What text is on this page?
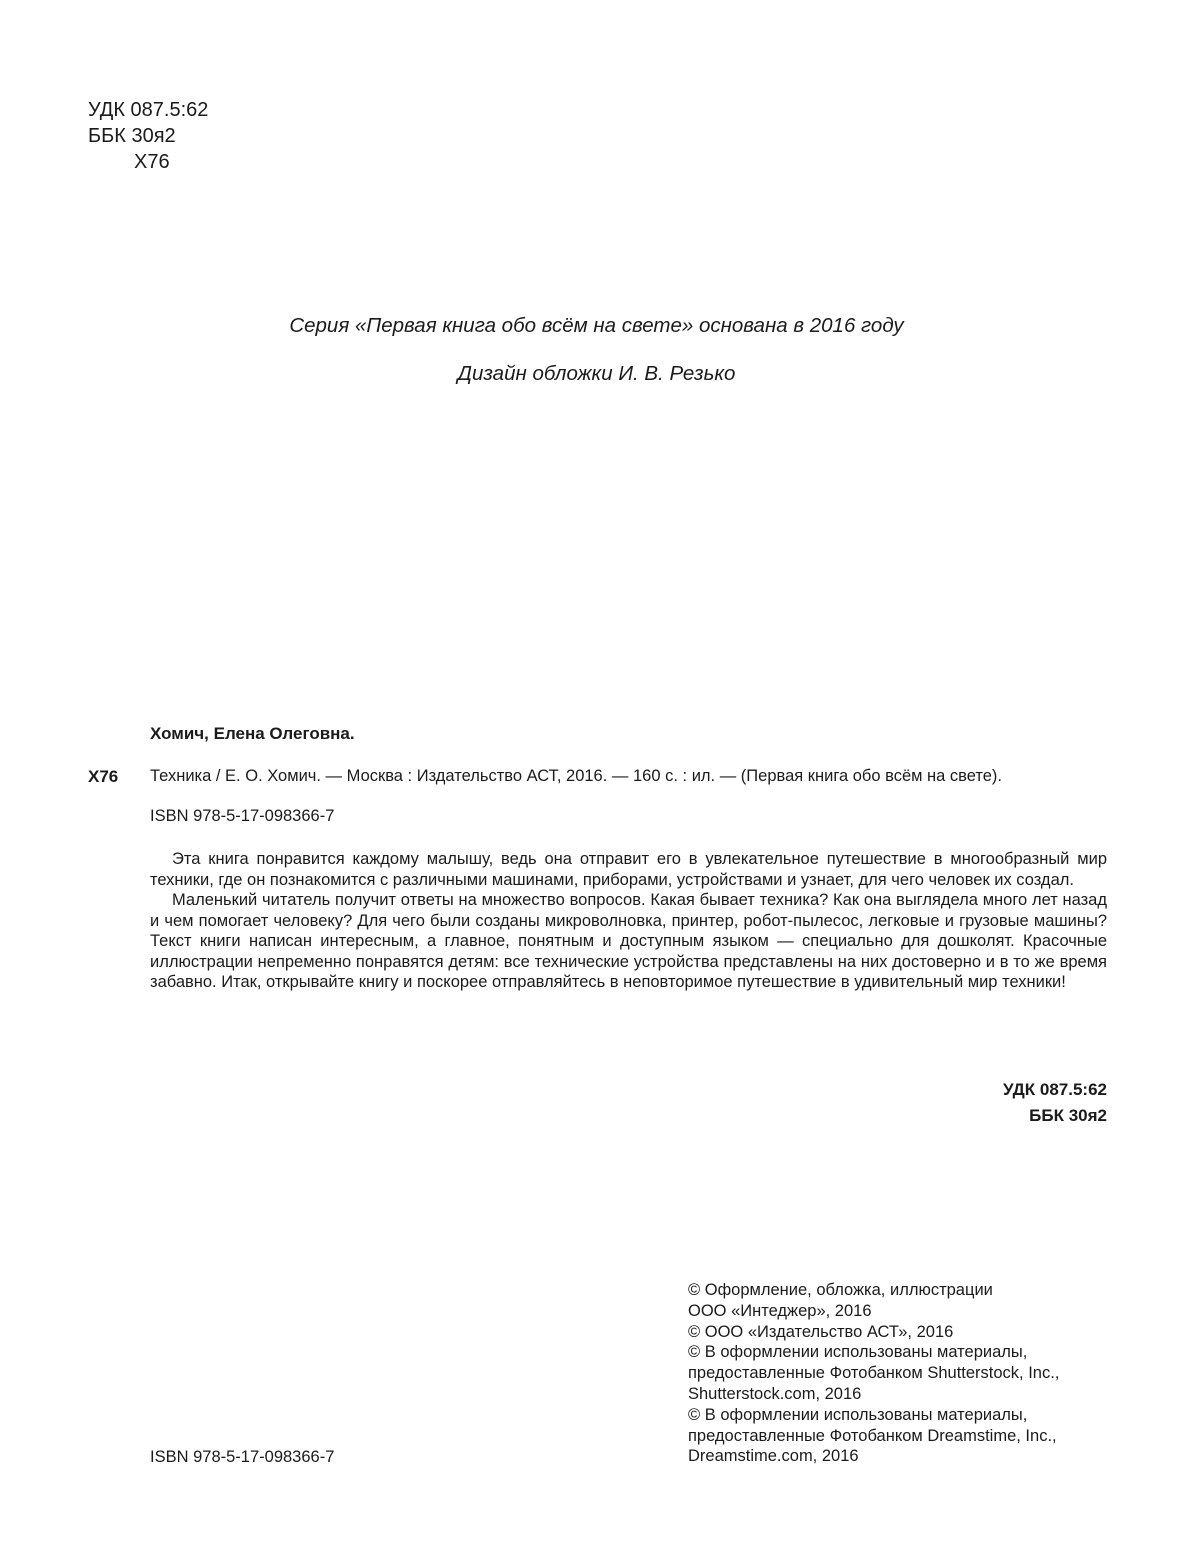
УДК 087.5:62
ББК 30я2
Х76
Серия «Первая книга обо всём на свете» основана в 2016 году
Дизайн обложки И. В. Резько
Хомич, Елена Олеговна.
Х76 Техника / Е. О. Хомич. — Москва : Издательство АСТ, 2016. — 160 с. : ил. — (Первая книга обо всём на свете).
ISBN 978-5-17-098366-7

Эта книга понравится каждому малышу, ведь она отправит его в увлекательное путешествие в многообразный мир техники, где он познакомится с различными машинами, приборами, устройствами и узнает, для чего человек их создал.

Маленький читатель получит ответы на множество вопросов. Какая бывает техника? Как она выглядела много лет назад и чем помогает человеку? Для чего были созданы микроволновка, принтер, робот-пылесос, легковые и грузовые машины? Текст книги написан интересным, а главное, понятным и доступным языком — специально для дошколят. Красочные иллюстрации непременно понравятся детям: все технические устройства представлены на них достоверно и в то же время забавно. Итак, открывайте книгу и поскорее отправляйтесь в неповторимое путешествие в удивительный мир техники!

УДК 087.5:62
ББК 30я2
© Оформление, обложка, иллюстрации
ООО «Интеджер», 2016
© ООО «Издательство АСТ», 2016
© В оформлении использованы материалы,
предоставленные Фотобанком Shutterstock, Inc.,
Shutterstock.com, 2016
© В оформлении использованы материалы,
предоставленные Фотобанком Dreamstime, Inc.,
Dreamstime.com, 2016
ISBN 978-5-17-098366-7
